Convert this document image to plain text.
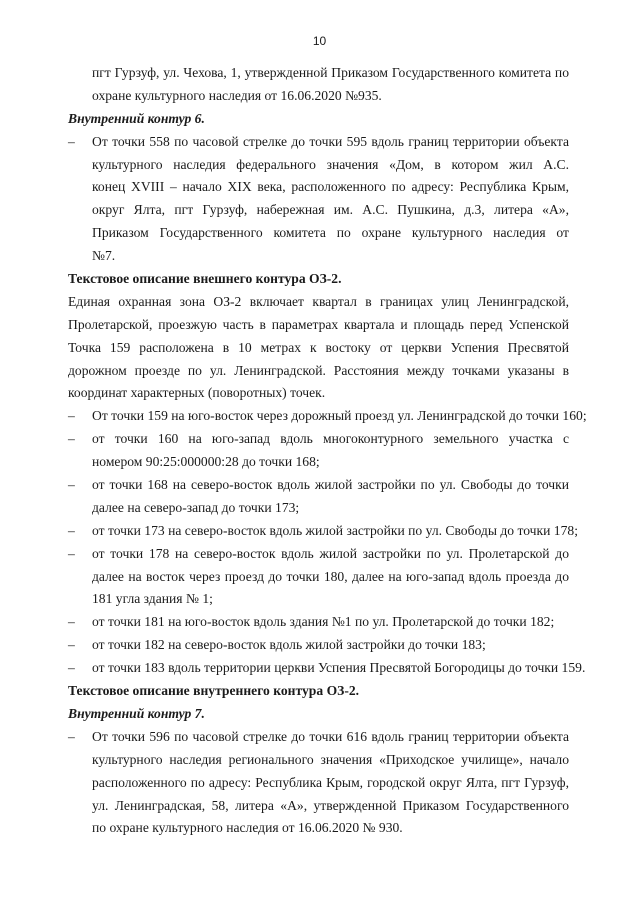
10
пгт Гурзуф, ул. Чехова, 1, утвержденной Приказом Государственного комитета по
охране культурного наследия от 16.06.2020 №935.
Внутренний контур 6.
–	От точки 558 по часовой стрелке до точки 595 вдоль границ территории объекта
культурного наследия федерального значения «Дом, в котором жил А.С.
конец XVIII – начало XIX века, расположенного по адресу: Республика Крым,
округ Ялта, пгт Гурзуф, набережная им. А.С. Пушкина, д.3, литера «А»,
Приказом Государственного комитета по охране культурного наследия от
№7.
Текстовое описание внешнего контура ОЗ-2.
Единая охранная зона ОЗ-2 включает квартал в границах улиц Ленинградской,
Пролетарской, проезжую часть в параметрах квартала и площадь перед Успенской
Точка 159 расположена в 10 метрах к востоку от церкви Успения Пресвятой
дорожном проезде по ул. Ленинградской. Расстояния между точками указаны в
координат характерных (поворотных) точек.
–	От точки 159 на юго-восток через дорожный проезд ул. Ленинградской до точки 160;
–	от точки 160 на юго-запад вдоль многоконтурного земельного участка с
номером 90:25:000000:28 до точки 168;
–	от точки 168 на северо-восток вдоль жилой застройки по ул. Свободы до точки
далее на северо-запад до точки 173;
–	от точки 173 на северо-восток вдоль жилой застройки по ул. Свободы до точки 178;
–	от точки 178 на северо-восток вдоль жилой застройки по ул. Пролетарской до
далее на восток через проезд до точки 180, далее на юго-запад вдоль проезда до
181 угла здания № 1;
–	от точки 181 на юго-восток вдоль здания №1 по ул. Пролетарской до точки 182;
–	от точки 182 на северо-восток вдоль жилой застройки до точки 183;
–	от точки 183 вдоль территории церкви Успения Пресвятой Богородицы до точки 159.
Текстовое описание внутреннего контура ОЗ-2.
Внутренний контур 7.
–	От точки 596 по часовой стрелке до точки 616 вдоль границ территории объекта
культурного наследия регионального значения «Приходское училище», начало
расположенного по адресу: Республика Крым, городской округ Ялта, пгт Гурзуф,
ул. Ленинградская, 58, литера «А», утвержденной Приказом Государственного
по охране культурного наследия от 16.06.2020 № 930.
